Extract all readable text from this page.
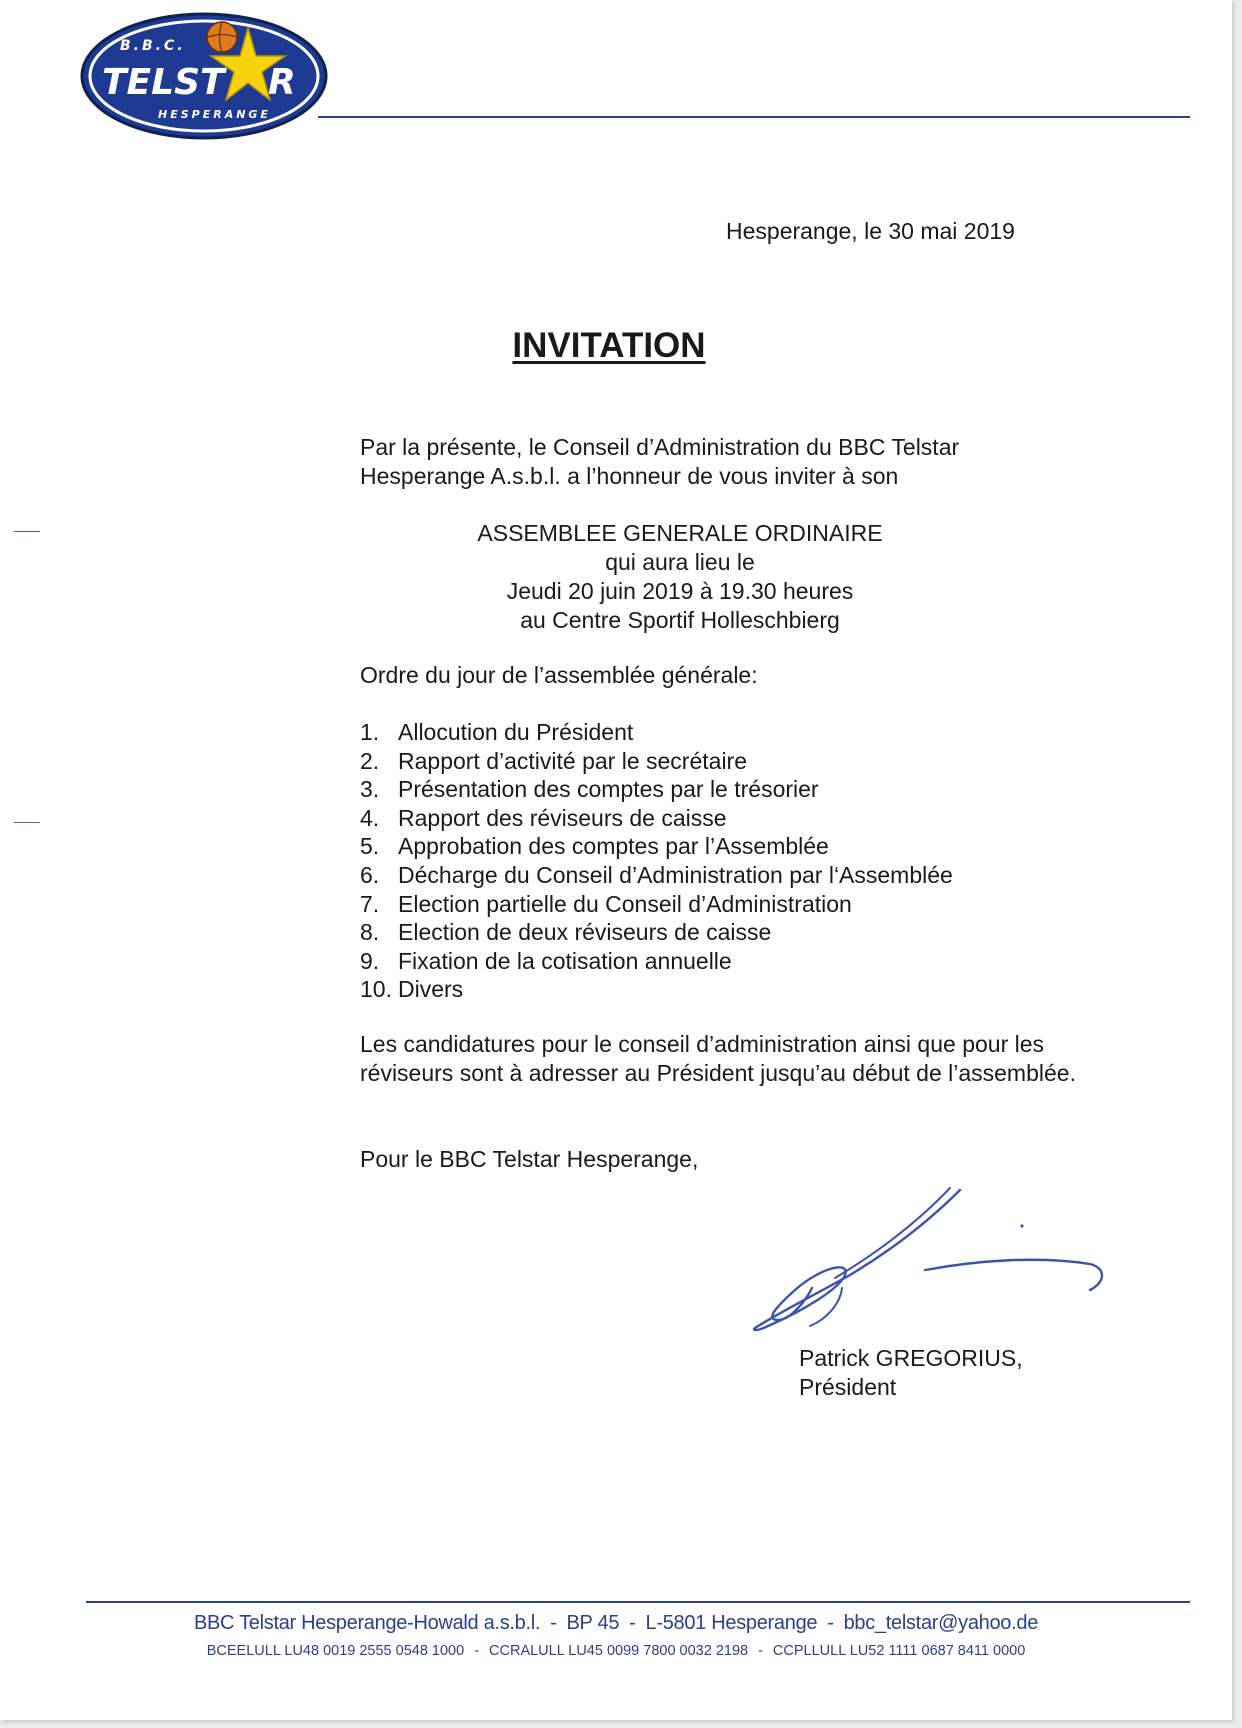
B.B.C.
TELST R
HESPERANGE
Hesperange, le 30 mai 2019
INVITATION
Par la présente, le Conseil d’Administration du BBC Telstar Hesperange A.s.b.l. a l’honneur de vous inviter à son
ASSEMBLEE GENERALE ORDINAIRE
qui aura lieu le
Jeudi 20 juin 2019 à 19.30 heures
au Centre Sportif Holleschbierg
Ordre du jour de l’assemblée générale:
1. Allocution du Président
2. Rapport d’activité par le secrétaire
3. Présentation des comptes par le trésorier
4. Rapport des réviseurs de caisse
5. Approbation des comptes par l’Assemblée
6. Décharge du Conseil d’Administration par l‘Assemblée
7. Election partielle du Conseil d’Administration
8. Election de deux réviseurs de caisse
9. Fixation de la cotisation annuelle
10. Divers
Les candidatures pour le conseil d’administration ainsi que pour les réviseurs sont à adresser au Président jusqu’au début de l’assemblée.
Pour le BBC Telstar Hesperange,
Patrick GREGORIUS,
Président
BBC Telstar Hesperange-Howald a.s.b.l. - BP 45 - L-5801 Hesperange - bbc_telstar@yahoo.de
BCEELULL LU48 0019 2555 0548 1000 - CCRALULL LU45 0099 7800 0032 2198 - CCPLLULL LU52 1111 0687 8411 0000
